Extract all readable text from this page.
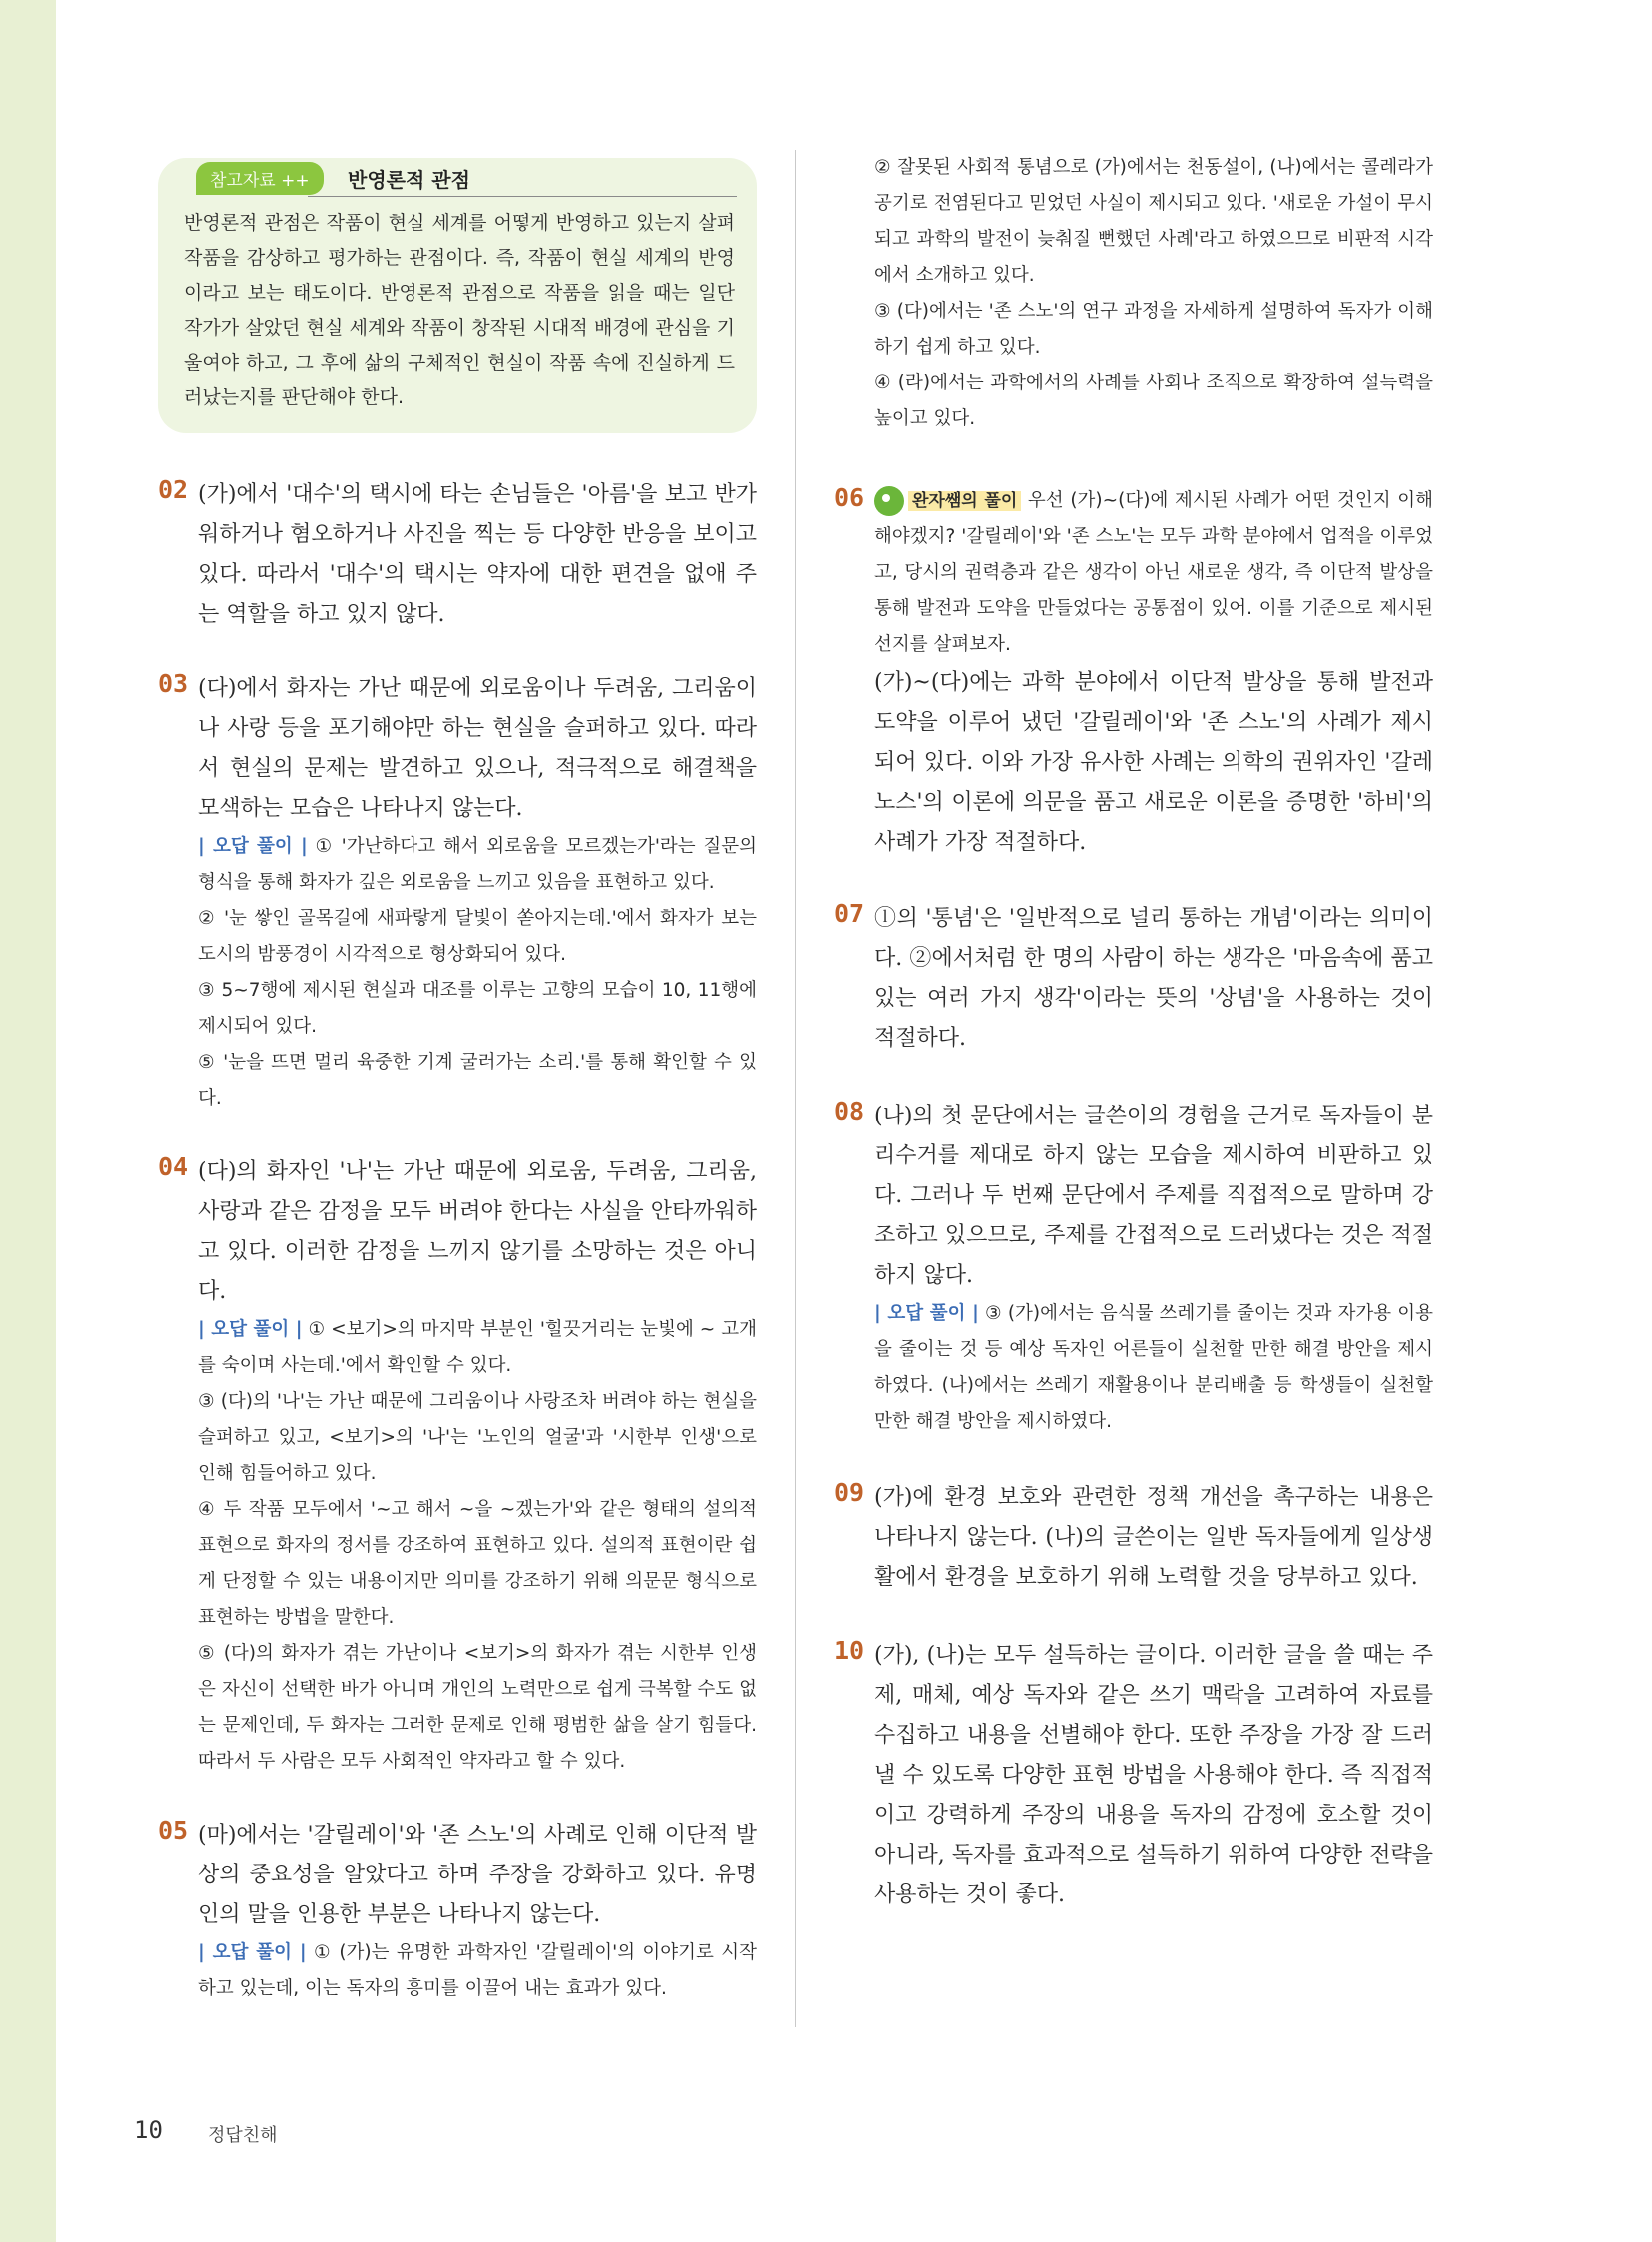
참고자료 ++	반영론적 관점
반영론적 관점은 작품이 현실 세계를 어떻게 반영하고 있는지 살펴 작품을 감상하고 평가하는 관점이다. 즉, 작품이 현실 세계의 반영이라고 보는 태도이다. 반영론적 관점으로 작품을 읽을 때는 일단 작가가 살았던 현실 세계와 작품이 창작된 시대적 배경에 관심을 기울여야 하고, 그 후에 삶의 구체적인 현실이 작품 속에 진실하게 드러났는지를 판단해야 한다.
02 (가)에서 '대수'의 택시에 타는 손님들은 '아름'을 보고 반가워하거나 혐오하거나 사진을 찍는 등 다양한 반응을 보이고 있다. 따라서 '대수'의 택시는 약자에 대한 편견을 없애 주는 역할을 하고 있지 않다.
03 (다)에서 화자는 가난 때문에 외로움이나 두려움, 그리움이나 사랑 등을 포기해야만 하는 현실을 슬퍼하고 있다. 따라서 현실의 문제는 발견하고 있으나, 적극적으로 해결책을 모색하는 모습은 나타나지 않는다.
| 오답 풀이 | ① '가난하다고 해서 외로움을 모르겠는가'라는 질문의 형식을 통해 화자가 깊은 외로움을 느끼고 있음을 표현하고 있다.
② '눈 쌓인 골목길에 새파랗게 달빛이 쏟아지는데.'에서 화자가 보는 도시의 밤풍경이 시각적으로 형상화되어 있다.
③ 5~7행에 제시된 현실과 대조를 이루는 고향의 모습이 10, 11행에 제시되어 있다.
⑤ '눈을 뜨면 멀리 육중한 기계 굴러가는 소리.'를 통해 확인할 수 있다.
04 (다)의 화자인 '나'는 가난 때문에 외로움, 두려움, 그리움, 사랑과 같은 감정을 모두 버려야 한다는 사실을 안타까워하고 있다. 이러한 감정을 느끼지 않기를 소망하는 것은 아니다.
| 오답 풀이 | ① <보기>의 마지막 부분인 '힐끗거리는 눈빛에 ~ 고개를 숙이며 사는데.'에서 확인할 수 있다.
③ (다)의 '나'는 가난 때문에 그리움이나 사랑조차 버려야 하는 현실을 슬퍼하고 있고, <보기>의 '나'는 '노인의 얼굴'과 '시한부 인생'으로 인해 힘들어하고 있다.
④ 두 작품 모두에서 '~고 해서 ~을 ~겠는가'와 같은 형태의 설의적 표현으로 화자의 정서를 강조하여 표현하고 있다. 설의적 표현이란 쉽게 단정할 수 있는 내용이지만 의미를 강조하기 위해 의문문 형식으로 표현하는 방법을 말한다.
⑤ (다)의 화자가 겪는 가난이나 <보기>의 화자가 겪는 시한부 인생은 자신이 선택한 바가 아니며 개인의 노력만으로 쉽게 극복할 수도 없는 문제인데, 두 화자는 그러한 문제로 인해 평범한 삶을 살기 힘들다. 따라서 두 사람은 모두 사회적인 약자라고 할 수 있다.
05 (마)에서는 '갈릴레이'와 '존 스노'의 사례로 인해 이단적 발상의 중요성을 알았다고 하며 주장을 강화하고 있다. 유명인의 말을 인용한 부분은 나타나지 않는다.
| 오답 풀이 | ① (가)는 유명한 과학자인 '갈릴레이'의 이야기로 시작하고 있는데, 이는 독자의 흥미를 이끌어 내는 효과가 있다.
② 잘못된 사회적 통념으로 (가)에서는 천동설이, (나)에서는 콜레라가 공기로 전염된다고 믿었던 사실이 제시되고 있다. '새로운 가설이 무시되고 과학의 발전이 늦춰질 뻔했던 사례'라고 하였으므로 비판적 시각에서 소개하고 있다.
③ (다)에서는 '존 스노'의 연구 과정을 자세하게 설명하여 독자가 이해하기 쉽게 하고 있다.
④ (라)에서는 과학에서의 사례를 사회나 조직으로 확장하여 설득력을 높이고 있다.
06	완자쌤의 풀이 우선 (가)~(다)에 제시된 사례가 어떤 것인지 이해해야겠지? '갈릴레이'와 '존 스노'는 모두 과학 분야에서 업적을 이루었고, 당시의 권력층과 같은 생각이 아닌 새로운 생각, 즉 이단적 발상을 통해 발전과 도약을 만들었다는 공통점이 있어. 이를 기준으로 제시된 선지를 살펴보자.
(가)~(다)에는 과학 분야에서 이단적 발상을 통해 발전과 도약을 이루어 냈던 '갈릴레이'와 '존 스노'의 사례가 제시되어 있다. 이와 가장 유사한 사례는 의학의 권위자인 '갈레노스'의 이론에 의문을 품고 새로운 이론을 증명한 '하비'의 사례가 가장 적절하다.
07 ⓛ의 '통념'은 '일반적으로 널리 통하는 개념'이라는 의미이다. ②에서처럼 한 명의 사람이 하는 생각은 '마음속에 품고 있는 여러 가지 생각'이라는 뜻의 '상념'을 사용하는 것이 적절하다.
08 (나)의 첫 문단에서는 글쓴이의 경험을 근거로 독자들이 분리수거를 제대로 하지 않는 모습을 제시하여 비판하고 있다. 그러나 두 번째 문단에서 주제를 직접적으로 말하며 강조하고 있으므로, 주제를 간접적으로 드러냈다는 것은 적절하지 않다.
| 오답 풀이 | ③ (가)에서는 음식물 쓰레기를 줄이는 것과 자가용 이용을 줄이는 것 등 예상 독자인 어른들이 실천할 만한 해결 방안을 제시하였다. (나)에서는 쓰레기 재활용이나 분리배출 등 학생들이 실천할 만한 해결 방안을 제시하였다.
09 (가)에 환경 보호와 관련한 정책 개선을 촉구하는 내용은 나타나지 않는다. (나)의 글쓴이는 일반 독자들에게 일상생활에서 환경을 보호하기 위해 노력할 것을 당부하고 있다.
10 (가), (나)는 모두 설득하는 글이다. 이러한 글을 쓸 때는 주제, 매체, 예상 독자와 같은 쓰기 맥락을 고려하여 자료를 수집하고 내용을 선별해야 한다. 또한 주장을 가장 잘 드러낼 수 있도록 다양한 표현 방법을 사용해야 한다. 즉 직접적이고 강력하게 주장의 내용을 독자의 감정에 호소할 것이 아니라, 독자를 효과적으로 설득하기 위하여 다양한 전략을 사용하는 것이 좋다.
10	정답친해
